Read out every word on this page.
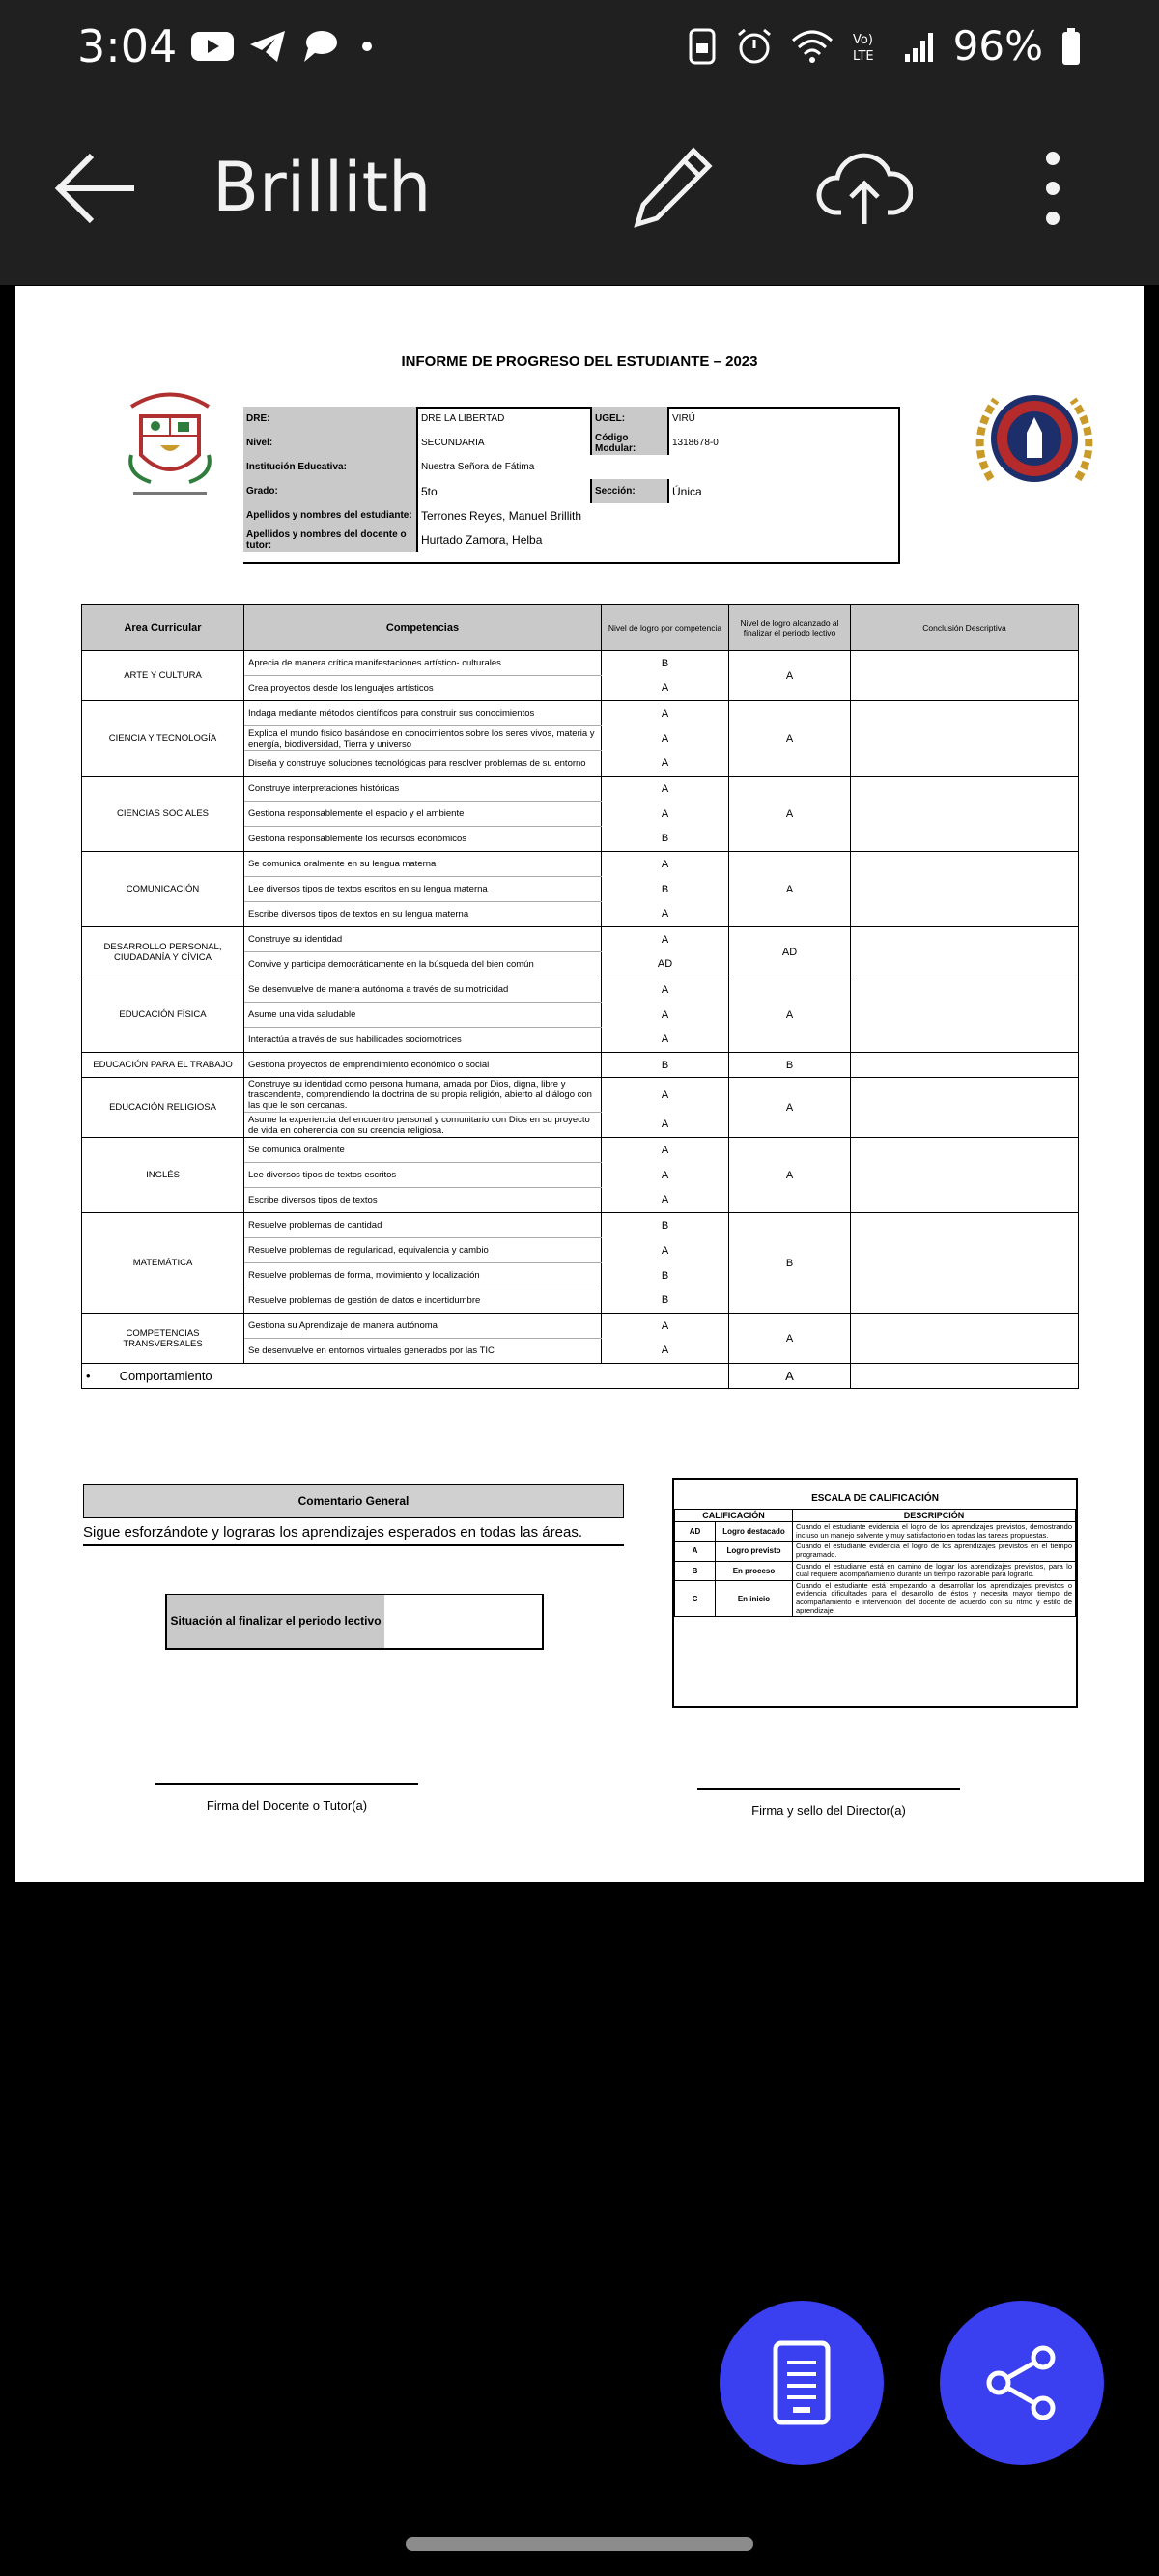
3:04	Vo)
LTE 96%
Brillith
INFORME DE PROGRESO DEL ESTUDIANTE – 2023
DRE:	DRE LA LIBERTAD	UGEL:	VIRÚ
Nivel:	SECUNDARIA	Código Modular:	1318678-0
Institución Educativa:	Nuestra Señora de Fátima		
Grado:	5to	Sección:	Única
Apellidos y nombres del estudiante:	Terrones Reyes, Manuel Brillith		
Apellidos y nombres del docente o tutor:	Hurtado Zamora, Helba		
Area Curricular	Competencias	Nivel de logro por competencia	Nivel de logro alcanzado al finalizar el periodo lectivo	Conclusión Descriptiva
ARTE Y CULTURA	Aprecia de manera crítica manifestaciones artístico- culturales	B	A	
	Crea proyectos desde los lenguajes artísticos	A		
CIENCIA Y TECNOLOGÍA	Indaga mediante métodos científicos para construir sus conocimientos	A	A	
	Explica el mundo físico basándose en conocimientos sobre los seres vivos, materia y energía, biodiversidad, Tierra y universo	A		
	Diseña y construye soluciones tecnológicas para resolver problemas de su entorno	A		
CIENCIAS SOCIALES	Construye interpretaciones históricas	A	A	
	Gestiona responsablemente el espacio y el ambiente	A		
	Gestiona responsablemente los recursos económicos	B		
COMUNICACIÓN	Se comunica oralmente en su lengua materna	A	A	
	Lee diversos tipos de textos escritos en su lengua materna	B		
	Escribe diversos tipos de textos en su lengua materna	A		
DESARROLLO PERSONAL, CIUDADANÍA Y CÍVICA	Construye su identidad	A	AD	
	Convive y participa democráticamente en la búsqueda del bien común	AD		
EDUCACIÓN FÍSICA	Se desenvuelve de manera autónoma a través de su motricidad	A	A	
	Asume una vida saludable	A		
	Interactúa a través de sus habilidades sociomotrices	A		
EDUCACIÓN PARA EL TRABAJO	Gestiona proyectos de emprendimiento económico o social	B	B	
EDUCACIÓN RELIGIOSA	Construye su identidad como persona humana, amada por Dios, digna, libre y trascendente, comprendiendo la doctrina de su propia religión, abierto al diálogo con las que le son cercanas.	A	A	
	Asume la experiencia del encuentro personal y comunitario con Dios en su proyecto de vida en coherencia con su creencia religiosa.	A		
INGLÉS	Se comunica oralmente	A	A	
	Lee diversos tipos de textos escritos	A		
	Escribe diversos tipos de textos	A		
MATEMÁTICA	Resuelve problemas de cantidad	B	B	
	Resuelve problemas de regularidad, equivalencia y cambio	A		
	Resuelve problemas de forma, movimiento y localización	B		
	Resuelve problemas de gestión de datos e incertidumbre	B		
COMPETENCIAS TRANSVERSALES	Gestiona su Aprendizaje de manera autónoma	A	A	
	Se desenvuelve en entornos virtuales generados por las TIC	A		
• Comportamiento			A	
Comentario General
Sigue esforzándote y lograras los aprendizajes esperados en todas las áreas.
Situación al finalizar el periodo lectivo
ESCALA DE CALIFICACIÓN
CALIFICACIÓN		DESCRIPCIÓN
AD	Logro destacado	Cuando el estudiante evidencia el logro de los aprendizajes previstos, demostrando incluso un manejo solvente y muy satisfactorio en todas las tareas propuestas.
A	Logro previsto	Cuando el estudiante evidencia el logro de los aprendizajes previstos en el tiempo programado.
B	En proceso	Cuando el estudiante está en camino de lograr los aprendizajes previstos, para lo cual requiere acompañamiento durante un tiempo razonable para lograrlo.
C	En inicio	Cuando el estudiante está empezando a desarrollar los aprendizajes previstos o evidencia dificultades para el desarrollo de éstos y necesita mayor tiempo de acompañamiento e intervención del docente de acuerdo con su ritmo y estilo de aprendizaje.
Firma del Docente o Tutor(a)	Firma y sello del Director(a)
